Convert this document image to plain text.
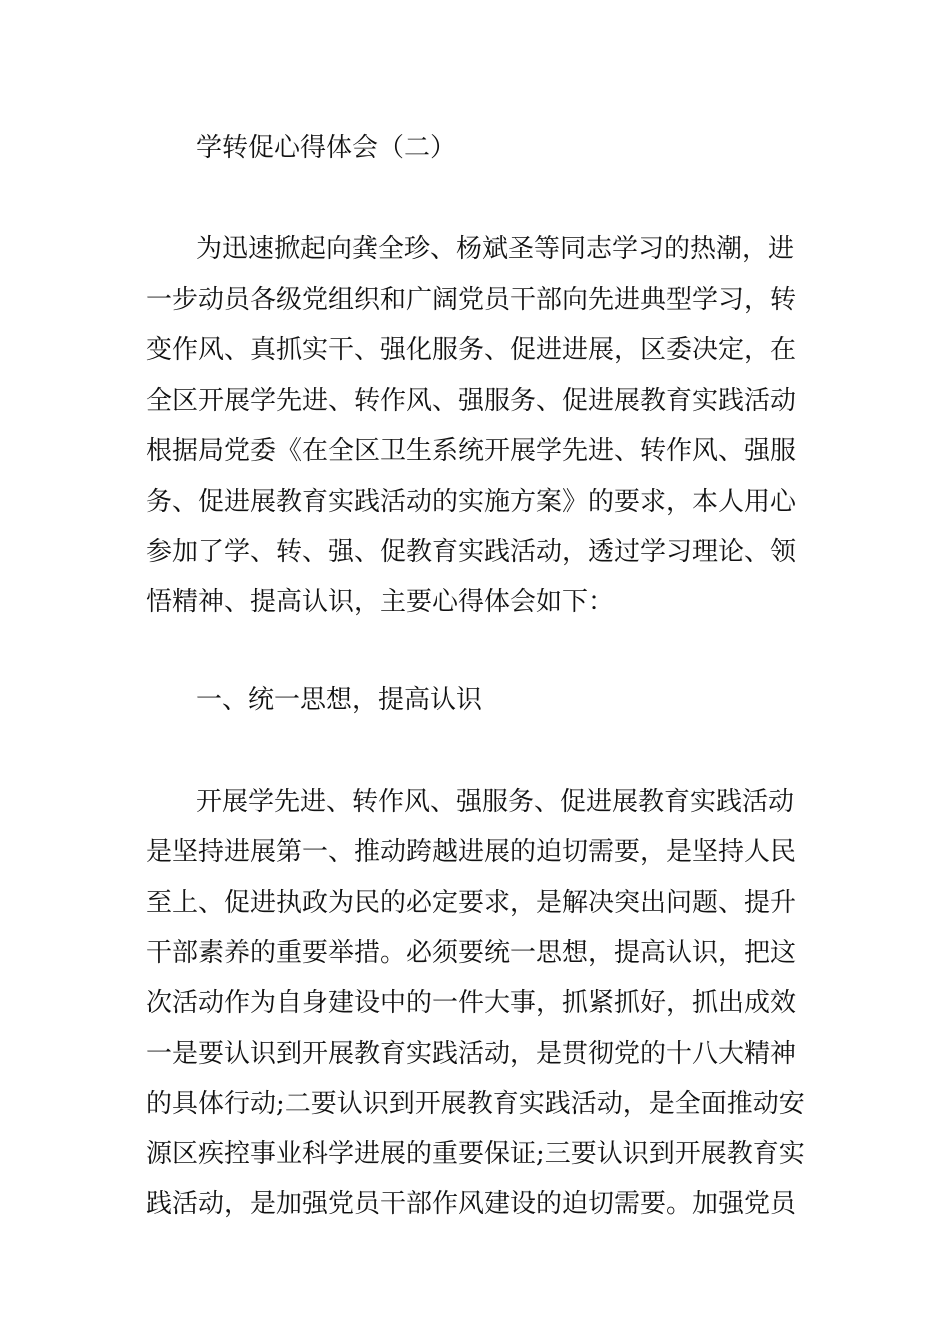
学转促心得体会（二）
为迅速掀起向龚全珍、杨斌圣等同志学习的热潮，进
一步动员各级党组织和广阔党员干部向先进典型学习，转
变作风、真抓实干、强化服务、促进进展，区委决定，在
全区开展学先进、转作风、强服务、促进展教育实践活动
根据局党委《在全区卫生系统开展学先进、转作风、强服
务、促进展教育实践活动的实施方案》的要求，本人用心
参加了学、转、强、促教育实践活动，透过学习理论、领
悟精神、提高认识，主要心得体会如下：
一、统一思想，提高认识
开展学先进、转作风、强服务、促进展教育实践活动
是坚持进展第一、推动跨越进展的迫切需要，是坚持人民
至上、促进执政为民的必定要求，是解决突出问题、提升
干部素养的重要举措。必须要统一思想，提高认识，把这
次活动作为自身建设中的一件大事，抓紧抓好，抓出成效
一是要认识到开展教育实践活动，是贯彻党的十八大精神
的具体行动;二要认识到开展教育实践活动，是全面推动安
源区疾控事业科学进展的重要保证;三要认识到开展教育实
践活动，是加强党员干部作风建设的迫切需要。加强党员
